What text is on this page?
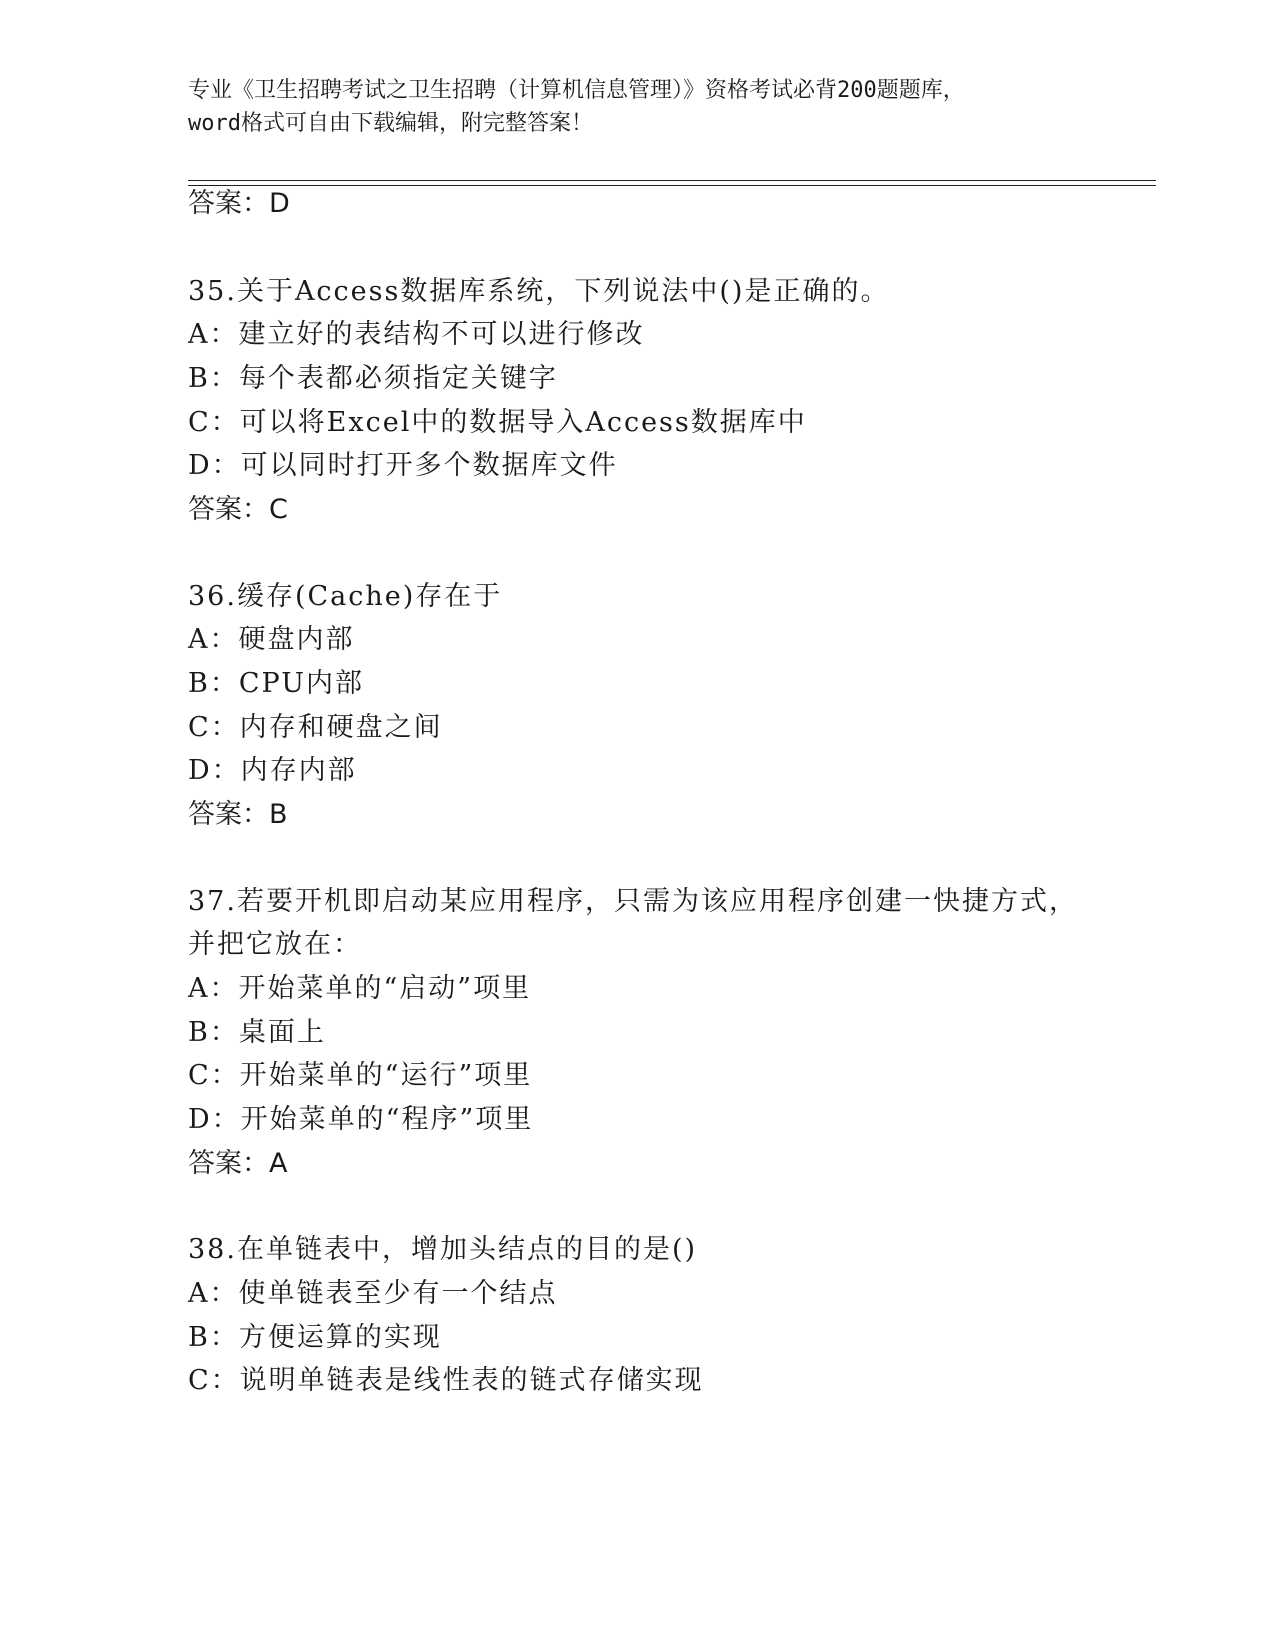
专业《卫生招聘考试之卫生招聘（计算机信息管理）》资格考试必背200题题库，
word格式可自由下载编辑，附完整答案！
答案：D
35.关于Access数据库系统，下列说法中()是正确的。
A：建立好的表结构不可以进行修改
B：每个表都必须指定关键字
C：可以将Excel中的数据导入Access数据库中
D：可以同时打开多个数据库文件
答案：C
36.缓存(Cache)存在于
A：硬盘内部
B：CPU内部
C：内存和硬盘之间
D：内存内部
答案：B
37.若要开机即启动某应用程序，只需为该应用程序创建一快捷方式，
并把它放在：
A：开始菜单的“启动”项里
B：桌面上
C：开始菜单的“运行”项里
D：开始菜单的“程序”项里
答案：A
38.在单链表中，增加头结点的目的是()
A：使单链表至少有一个结点
B：方便运算的实现
C：说明单链表是线性表的链式存储实现
